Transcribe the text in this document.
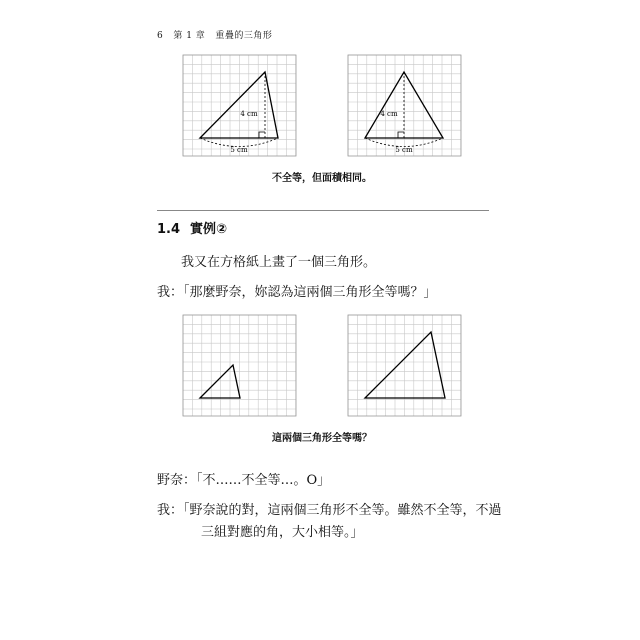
6 第 1 章 重疊的三角形
4 cm
5 cm
4 cm
5 cm
不全等，但面積相同。
1.4 實例②
我又在方格紙上畫了一個三角形。
我：「那麼野奈，妳認為這兩個三角形全等嗎？」
這兩個三角形全等嗎？
野奈：「不……不全等…。O」
我：「野奈說的對，這兩個三角形不全等。雖然不全等，不過
三組對應的角，大小相等。」
